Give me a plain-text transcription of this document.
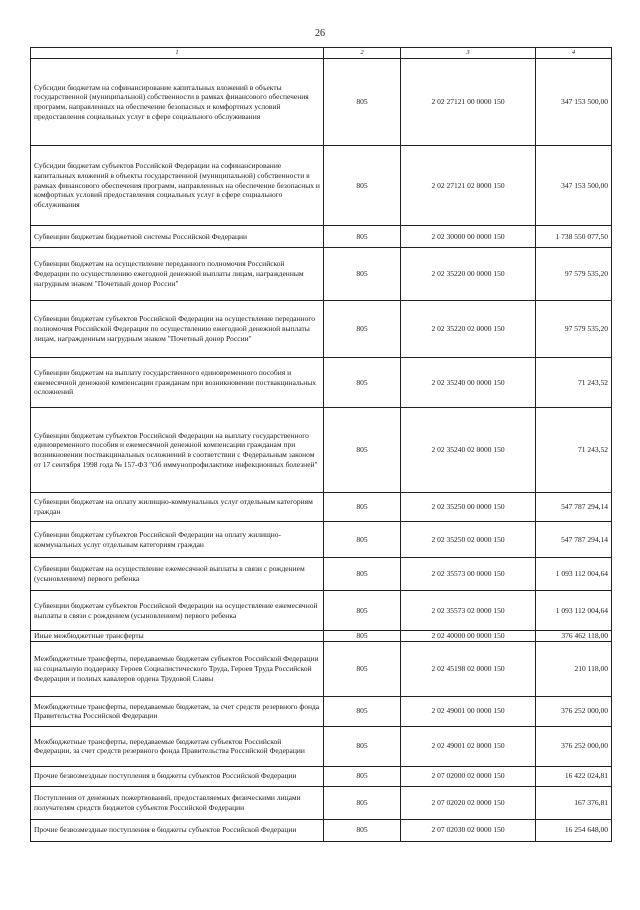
26
1	2	3	4
Субсидии бюджетам на софинансирование капитальных вложений в объекты государственной (муниципальной) собственности в рамках финансового обеспечения программ, направленных на обеспечение безопасных и комфортных условий предоставления социальных услуг в сфере социального обслуживания	805	2 02 27121 00 0000 150	347 153 500,00
Субсидии бюджетам субъектов Российской Федерации на софинансирование капитальных вложений в объекты государственной (муниципальной) собственности в рамках финансового обеспечения программ, направленных на обеспечение безопасных и комфортных условий предоставления социальных услуг в сфере социального обслуживания	805	2 02 27121 02 0000 150	347 153 500,00
Субвенции бюджетам бюджетной системы Российской Федерации	805	2 02 30000 00 0000 150	1 738 550 077,50
Субвенции бюджетам на осуществление переданного полномочия Российской Федерации по осуществлению ежегодной денежной выплаты лицам, награжденным нагрудным знаком "Почетный донор России"	805	2 02 35220 00 0000 150	97 579 535,20
Субвенции бюджетам субъектов Российской Федерации на осуществление переданного полномочия Российской Федерации по осуществлению ежегодной денежной выплаты лицам, награжденным нагрудным знаком "Почетный донор России"	805	2 02 35220 02 0000 150	97 579 535,20
Субвенции бюджетам на выплату государственного единовременного пособия и ежемесячной денежной компенсации гражданам при возникновении поствакцинальных осложнений	805	2 02 35240 00 0000 150	71 243,52
Субвенции бюджетам субъектов Российской Федерации на выплату государственного единовременного пособия и ежемесячной денежной компенсации гражданам при возникновении поствакцинальных осложнений в соответствии с Федеральным законом от 17 сентября 1998 года № 157-ФЗ "Об иммунопрофилактике инфекционных болезней"	805	2 02 35240 02 0000 150	71 243,52
Субвенции бюджетам на оплату жилищно-коммунальных услуг отдельным категориям граждан	805	2 02 35250 00 0000 150	547 787 294,14
Субвенции бюджетам субъектов Российской Федерации на оплату жилищно-коммунальных услуг отдельным категориям граждан	805	2 02 35250 02 0000 150	547 787 294,14
Субвенции бюджетам на осуществление ежемесячной выплаты в связи с рождением (усыновлением) первого ребенка	805	2 02 35573 00 0000 150	1 093 112 004,64
Субвенции бюджетам субъектов Российской Федерации на осуществление ежемесячной выплаты в связи с рождением (усыновлением) первого ребенка	805	2 02 35573 02 0000 150	1 093 112 004,64
Иные межбюджетные трансферты	805	2 02 40000 00 0000 150	376 462 118,00
Межбюджетные трансферты, передаваемые бюджетам субъектов Российской Федерации на социальную поддержку Героев Социалистического Труда, Героев Труда Российской Федерации и полных кавалеров ордена Трудовой Славы	805	2 02 45198 02 0000 150	210 118,00
Межбюджетные трансферты, передаваемые бюджетам, за счет средств резервного фонда Правительства Российской Федерации	805	2 02 49001 00 0000 150	376 252 000,00
Межбюджетные трансферты, передаваемые бюджетам субъектов Российской Федерации, за счет средств резервного фонда Правительства Российской Федерации	805	2 02 49001 02 0000 150	376 252 000,00
Прочие безвозмездные поступления в бюджеты субъектов Российской Федерации	805	2 07 02000 02 0000 150	16 422 024,81
Поступления от денежных пожертвований, предоставляемых физическими лицами получателям средств бюджетов субъектов Российской Федерации	805	2 07 02020 02 0000 150	167 376,81
Прочие безвозмездные поступления в бюджеты субъектов Российской Федерации	805	2 07 02030 02 0000 150	16 254 648,00
